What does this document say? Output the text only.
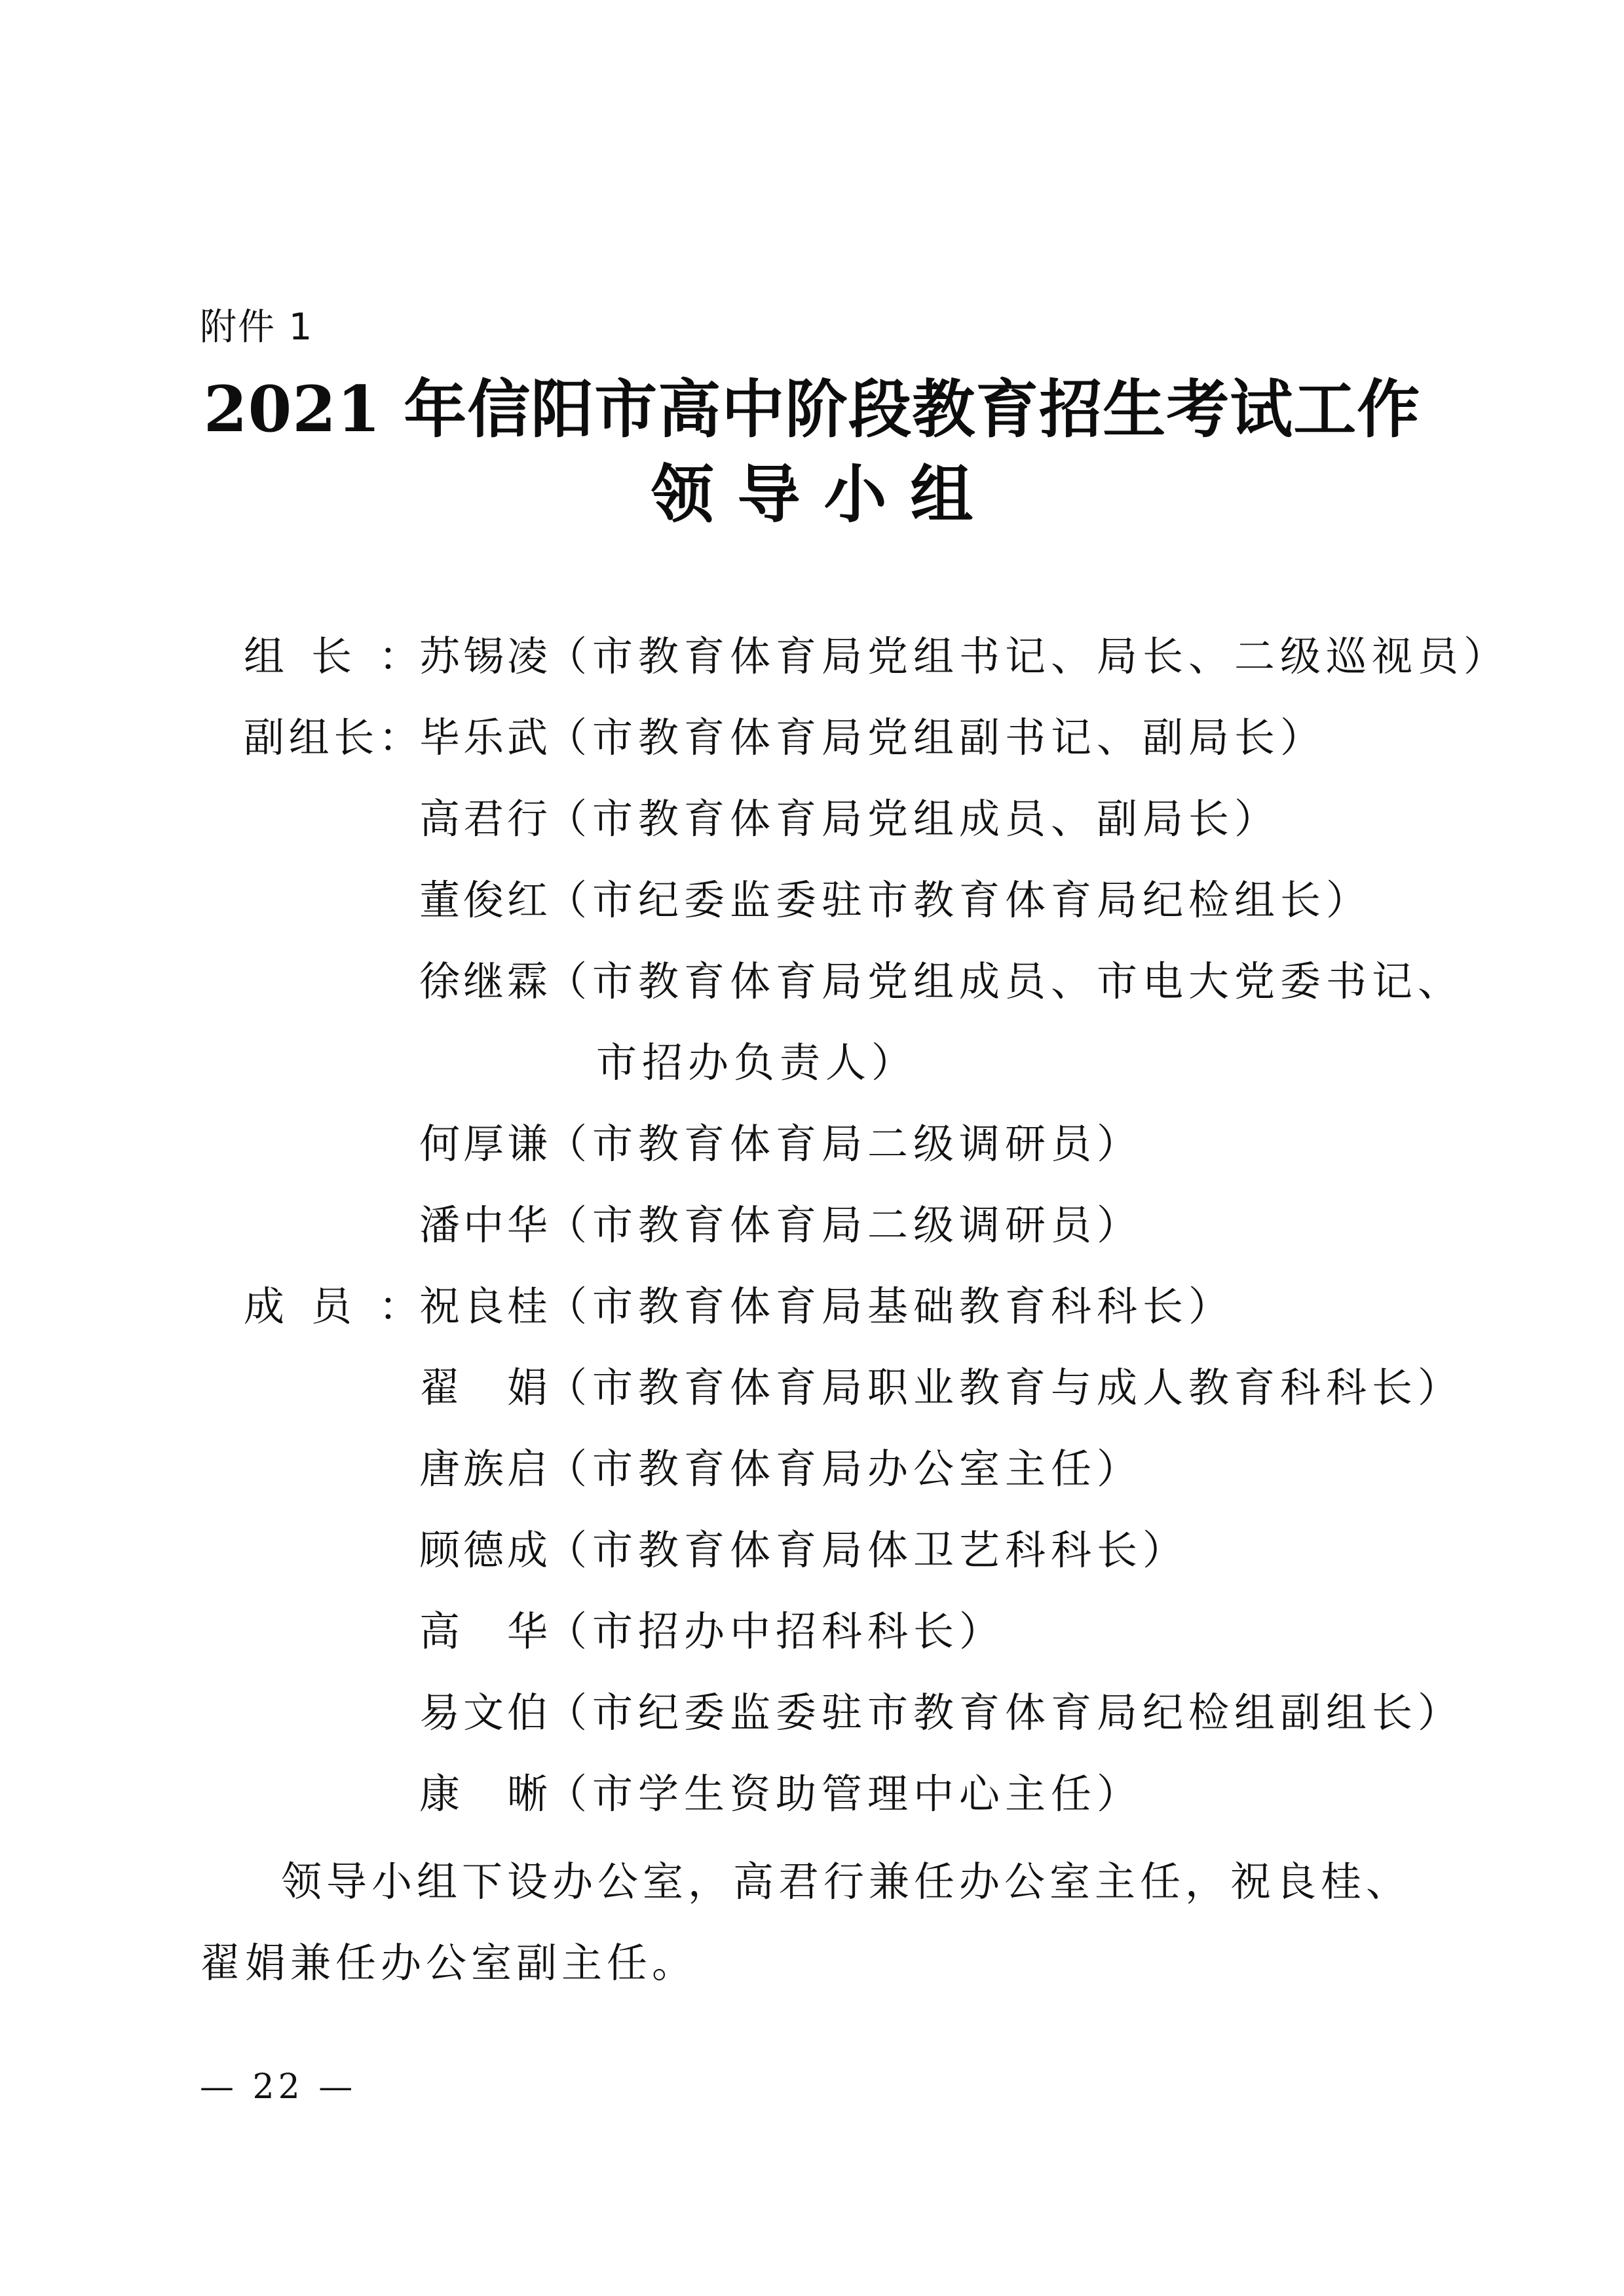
附件 1
2021 年信阳市高中阶段教育招生考试工作
领导小组
组 长 ： 苏 锡 凌
（市教育体育局党组书记、局长、二级巡视员）
副 组 长 ： 毕 乐 武
（市教育体育局党组副书记、副局长）
高 君 行
（市教育体育局党组成员、副局长）
董 俊 红
（市纪委监委驻市教育体育局纪检组长）
徐 继 霖
（市教育体育局党组成员、市电大党委书记、
市招办负责人）
何 厚 谦
（市教育体育局二级调研员）
潘 中 华
（市教育体育局二级调研员）
成 员 ： 祝 良 桂
（市教育体育局基础教育科科长）
翟 娟
（市教育体育局职业教育与成人教育科科长）
唐 族 启
（市教育体育局办公室主任）
顾 德 成
（市教育体育局体卫艺科科长）
高 华
（市招办中招科科长）
易 文 伯
（市纪委监委驻市教育体育局纪检组副组长）
康 晰
（市学生资助管理中心主任）
领导小组下设办公室，高君行兼任办公室主任，祝良桂、翟娟兼任办公室副主任。
— 22 —
